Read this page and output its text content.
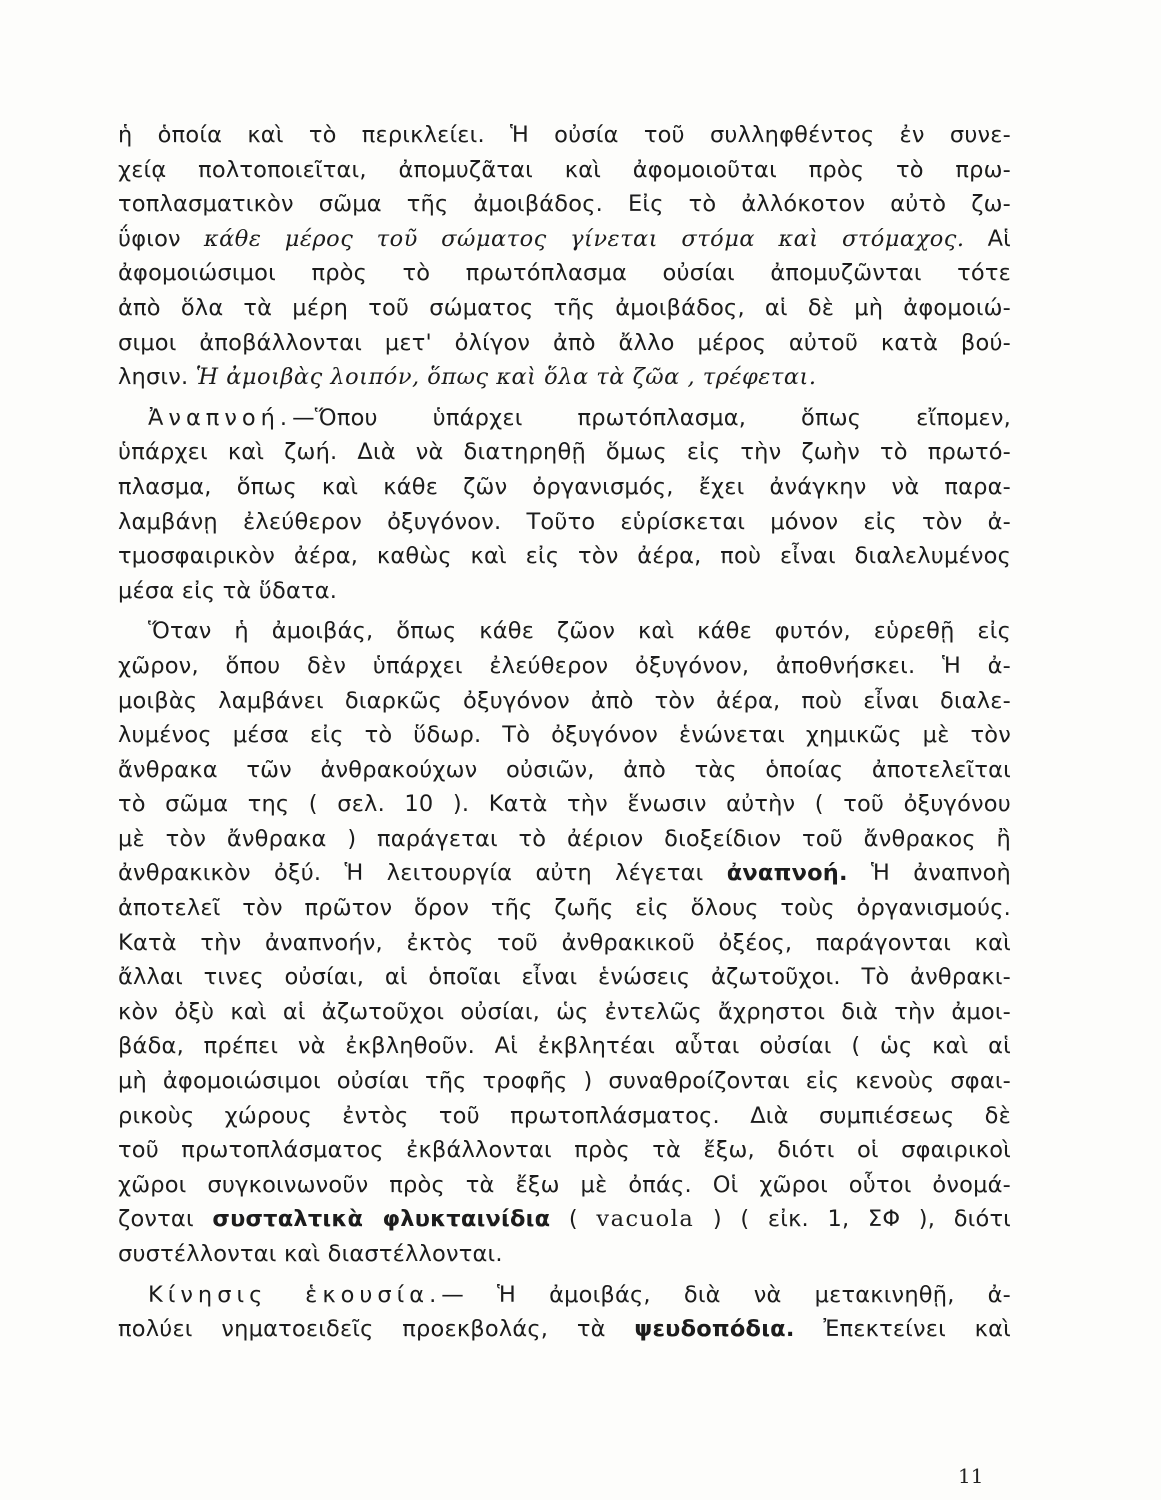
ἡ ὁποία καὶ τὸ περικλείει. Ἡ οὐσία τοῦ συλληφθέντος ἐν συνε-
χείᾳ πολτοποιεῖται, ἀπομυζᾶται καὶ ἀφομοιοῦται πρὸς τὸ πρω-
τοπλασματικὸν σῶμα τῆς ἀμοιβάδος. Εἰς τὸ ἀλλόκοτον αὐτὸ ζω-
ΰφιον κάθε μέρος τοῦ σώματος γίνεται στόμα καὶ στόμαχος. Αἱ
ἀφομοιώσιμοι πρὸς τὸ πρωτόπλασμα οὐσίαι ἀπομυζῶνται τότε
ἀπὸ ὅλα τὰ μέρη τοῦ σώματος τῆς ἀμοιβάδος, αἱ δὲ μὴ ἀφομοιώ-
σιμοι ἀποβάλλονται μετ' ὀλίγον ἀπὸ ἄλλο μέρος αὐτοῦ κατὰ βού-
λησιν. Ἡ ἀμοιβὰς λοιπόν, ὅπως καὶ ὅλα τὰ ζῶα , τρέφεται.
Ἀναπνοή.—Ὅπου ὑπάρχει πρωτόπλασμα, ὅπως εἴπομεν,
ὑπάρχει καὶ ζωή. Διὰ νὰ διατηρηθῇ ὅμως εἰς τὴν ζωὴν τὸ πρωτό-
πλασμα, ὅπως καὶ κάθε ζῶν ὀργανισμός, ἔχει ἀνάγκην νὰ παρα-
λαμβάνῃ ἐλεύθερον ὀξυγόνον. Τοῦτο εὑρίσκεται μόνον εἰς τὸν ἀ-
τμοσφαιρικὸν ἀέρα, καθὼς καὶ εἰς τὸν ἀέρα, ποὺ εἶναι διαλελυμένος
μέσα εἰς τὰ ὕδατα.
Ὅταν ἡ ἀμοιβάς, ὅπως κάθε ζῶον καὶ κάθε φυτόν, εὑρεθῇ εἰς
χῶρον, ὅπου δὲν ὑπάρχει ἐλεύθερον ὀξυγόνον, ἀποθνήσκει. Ἡ ἀ-
μοιβὰς λαμβάνει διαρκῶς ὀξυγόνον ἀπὸ τὸν ἀέρα, ποὺ εἶναι διαλε-
λυμένος μέσα εἰς τὸ ὕδωρ. Τὸ ὀξυγόνον ἑνώνεται χημικῶς μὲ τὸν
ἄνθρακα τῶν ἀνθρακούχων οὐσιῶν, ἀπὸ τὰς ὁποίας ἀποτελεῖται
τὸ σῶμα της ( σελ. 10 ). Κατὰ τὴν ἕνωσιν αὐτὴν ( τοῦ ὀξυγόνου
μὲ τὸν ἄνθρακα ) παράγεται τὸ ἀέριον διοξείδιον τοῦ ἄνθρακος ἢ
ἀνθρακικὸν ὀξύ. Ἡ λειτουργία αὐτη λέγεται ἀναπνοή. Ἡ ἀναπνοὴ
ἀποτελεῖ τὸν πρῶτον ὅρον τῆς ζωῆς εἰς ὅλους τοὺς ὀργανισμούς.
Κατὰ τὴν ἀναπνοήν, ἐκτὸς τοῦ ἀνθρακικοῦ ὀξέος, παράγονται καὶ
ἄλλαι τινες οὐσίαι, αἱ ὁποῖαι εἶναι ἑνώσεις ἀζωτοῦχοι. Τὸ ἀνθρακι-
κὸν ὀξὺ καὶ αἱ ἀζωτοῦχοι οὐσίαι, ὡς ἐντελῶς ἄχρηστοι διὰ τὴν ἀμοι-
βάδα, πρέπει νὰ ἐκβληθοῦν. Αἱ ἐκβλητέαι αὗται οὐσίαι ( ὡς καὶ αἱ
μὴ ἀφομοιώσιμοι οὐσίαι τῆς τροφῆς ) συναθροίζονται εἰς κενοὺς σφαι-
ρικοὺς χώρους ἐντὸς τοῦ πρωτοπλάσματος. Διὰ συμπιέσεως δὲ
τοῦ πρωτοπλάσματος ἐκβάλλονται πρὸς τὰ ἔξω, διότι οἱ σφαιρικοὶ
χῶροι συγκοινωνοῦν πρὸς τὰ ἔξω μὲ ὀπάς. Οἱ χῶροι οὗτοι ὀνομά-
ζονται συσταλτικὰ φλυκταινίδια ( vacuola ) ( εἰκ. 1, ΣΦ ), διότι
συστέλλονται καὶ διαστέλλονται.
Κίνησις ἑκουσία.— Ἡ ἀμοιβάς, διὰ νὰ μετακινηθῇ, ἀ-
πολύει νηματοειδεῖς προεκβολάς, τὰ ψευδοπόδια. Ἐπεκτείνει καὶ
11
